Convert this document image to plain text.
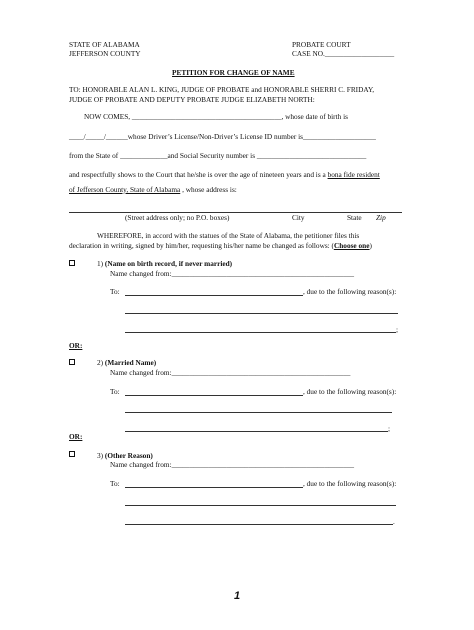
STATE OF ALABAMA
JEFFERSON COUNTY
PROBATE COURT
CASE NO.___________________
PETITION FOR CHANGE OF NAME
TO: HONORABLE ALAN L. KING, JUDGE OF PROBATE and HONORABLE SHERRI C. FRIDAY,
JUDGE OF PROBATE AND DEPUTY PROBATE JUDGE ELIZABETH NORTH:
NOW COMES, _________________________________________, whose date of birth is
____/_____/______whose Driver’s License/Non-Driver’s License ID number is____________________
from the State of _____________and Social Security number is ______________________________
and respectfully shows to the Court that he/she is over the age of nineteen years and is a bona fide resident
of Jefferson County, State of Alabama , whose address is:
(Street address only; no P.O. boxes)	City	State Zip
WHEREFORE, in accord with the statues of the State of Alabama, the petitioner files this
declaration in writing, signed by him/her, requesting his/her name be changed as follows: (Choose one)
1) (Name on birth record, if never married)
Name changed from:__________________________________________________
To:	, due to the following reason(s):
;
OR:
2) (Married Name)
Name changed from:_________________________________________________
To:	, due to the following reason(s):
;
OR:
3) (Other Reason)
Name changed from:__________________________________________________
To:	, due to the following reason(s):
.
1
